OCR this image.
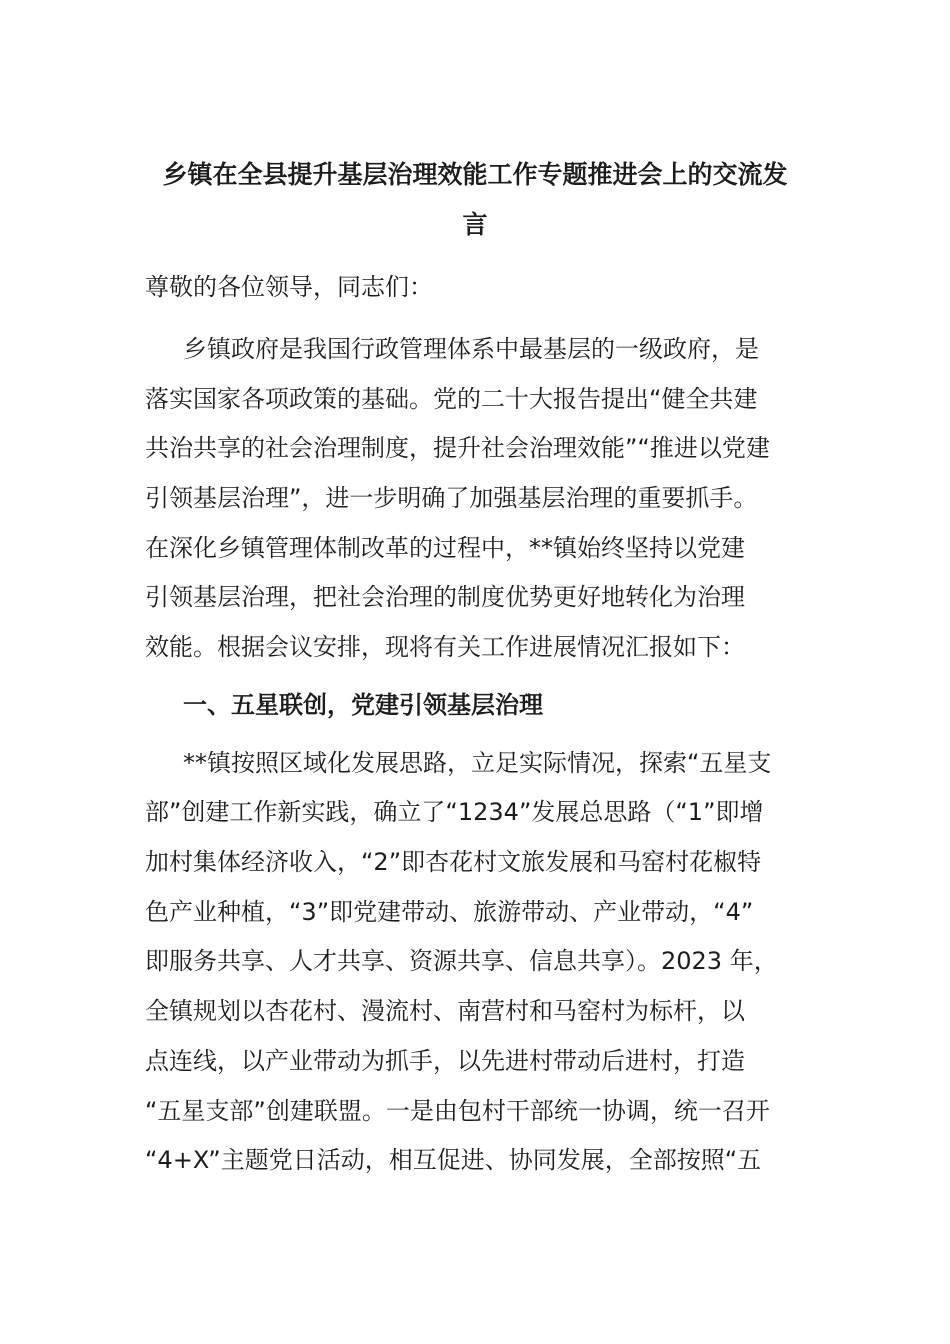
乡镇在全县提升基层治理效能工作专题推进会上的交流发
言
尊敬的各位领导，同志们：
乡镇政府是我国行政管理体系中最基层的一级政府，是
落实国家各项政策的基础。党的二十大报告提出“健全共建
共治共享的社会治理制度，提升社会治理效能”“推进以党建
引领基层治理”，进一步明确了加强基层治理的重要抓手。
在深化乡镇管理体制改革的过程中，**镇始终坚持以党建
引领基层治理，把社会治理的制度优势更好地转化为治理
效能。根据会议安排，现将有关工作进展情况汇报如下：
一、五星联创，党建引领基层治理
**镇按照区域化发展思路，立足实际情况，探索“五星支
部”创建工作新实践，确立了“1234”发展总思路（“1”即增
加村集体经济收入，“2”即杏花村文旅发展和马窑村花椒特
色产业种植，“3”即党建带动、旅游带动、产业带动，“4”
即服务共享、人才共享、资源共享、信息共享）。2023 年，
全镇规划以杏花村、漫流村、南营村和马窑村为标杆，以
点连线，以产业带动为抓手，以先进村带动后进村，打造
“五星支部”创建联盟。一是由包村干部统一协调，统一召开
“4+X”主题党日活动，相互促进、协同发展，全部按照“五
